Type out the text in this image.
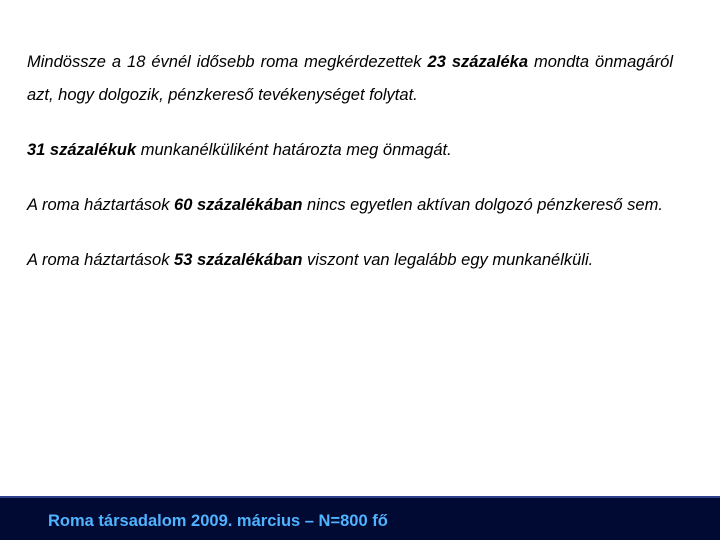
Mindössze a 18 évnél idősebb roma megkérdezettek 23 százaléka mondta önmagáról azt, hogy dolgozik, pénzkereső tevékenységet folytat.

31 százalékuk munkanélküliként határozta meg önmagát.

A roma háztartások 60 százalékában nincs egyetlen aktívan dolgozó pénzkereső sem.

A roma háztartások 53 százalékában viszont van legalább egy munkanélküli.

Roma társadalom 2009. március – N=800 fő
